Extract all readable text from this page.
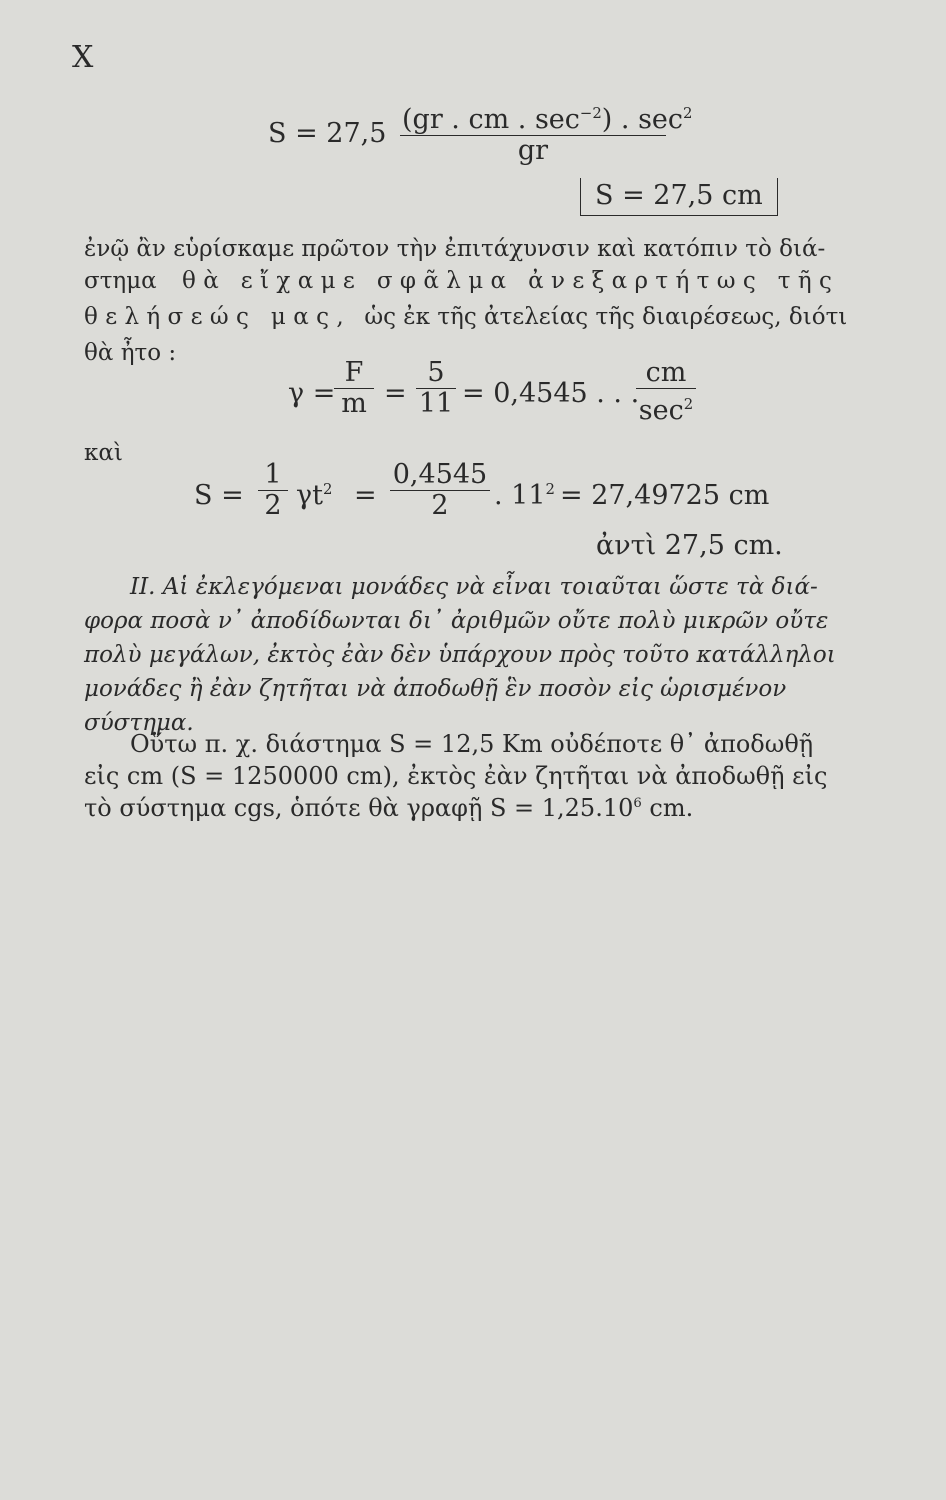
X
S = 27,5 (gr . cm . $\sec^{-2}$) . $\sec^2$
gr
S = 27,5 cm
ἐνῷ ἂν εὑρίσκαμε πρῶτον τὴν ἐπιτάχυνσιν καὶ κατόπιν τὸ διά-
στημα θὰ εἴχαμε σφᾶλμα ἀνεξαρτήτως τῆς
θελήσεώς μας, ὡς ἐκ τῆς ἀτελείας τῆς διαιρέσεως, διότι
θὰ ἦτο :
γ =
$\frac{F}{m} = \frac{5}{11} = 0,4545$ . . .
cm
$\sec^2$
καὶ
$S = \frac{1}{2} \gamma t^2 = \frac{0,4545}{2}$ . $11^2 = 27,49725$ cm
ἀντὶ 27,5 cm.
II. Αἱ ἐκλεγόμεναι μονάδες νὰ εἶναι τοιαῦται ὥστε τὰ διά-
φορα ποσὰ ν᾽ ἀποδίδωνται δι᾽ ἀριθμῶν οὔτε πολὺ μικρῶν οὔτε
πολὺ μεγάλων, ἐκτὸς ἐὰν δὲν ὑπάρχουν πρὸς τοῦτο κατάλληλοι
μονάδες ἢ ἐὰν ζητῆται νὰ ἀποδωθῇ ἓν ποσὸν εἰς ὡρισμένον
σύστημα.
Οὕτω π. χ. διάστημα S = 12,5 Km οὐδέποτε θ᾽ ἀποδωθῇ
εἰς cm (S = 1250000 cm), ἐκτὸς ἐὰν ζητῆται νὰ ἀποδωθῇ εἰς
τὸ σύστημα cgs, ὁπότε θὰ γραφῇ $S = 1,25.10^6$ cm.
